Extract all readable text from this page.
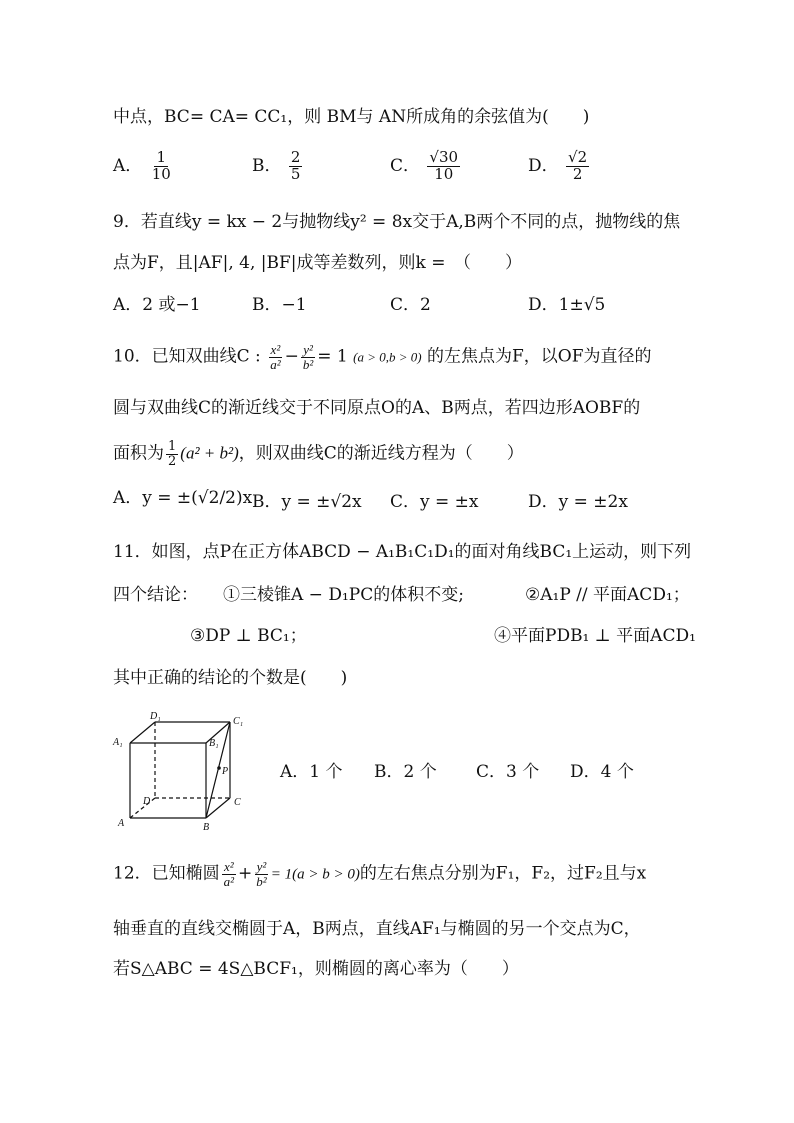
中点，BC= CA= CC₁，则 BM与 AN所成角的余弦值为(　　)
A． $\frac{1}{10}$	B． $\frac{2}{5}$	C． $\frac{√30}{10}$	D． $\frac{√2}{2}$
9．若直线y = kx − 2与抛物线y² = 8x交于A,B两个不同的点，抛物线的焦
点为F，且|AF|, 4, |BF|成等差数列，则k =　（　　）
A．2 或−1	B．−1	C．2	D．1±√5
10．已知双曲线C : $\frac{\text{x²}}{\text{a²}} - \frac{\text{y²}}{\text{b²}} = 1$ (a > 0,b > 0) 的左焦点为F，以OF为直径的
圆与双曲线C的渐近线交于不同原点O的A、B两点，若四边形AOBF的
面积为 $\frac{1}{2} (a^2 + b^2)$，则双曲线C的渐近线方程为（　　）
A．y = ±(√2/2)x B．y = ±√2x C．y = ±x	D．y = ±2x
11．如图，点P在正方体ABCD − A₁B₁C₁D₁的面对角线BC₁上运动，则下列
四个结论： ①三棱锥A − D₁PC的体积不变;	②A₁P // 平面ACD₁；
③DP ⊥ BC₁；	④平面PDB₁ ⊥ 平面ACD₁
其中正确的结论的个数是(　　)
D₁	C₁
A₁	B₁
P
D	C
A	B
A．1 个 B．2 个 C．3 个 D．4 个
12．已知椭圆 $\frac{\text{x²}}{\text{a²}} + \frac{\text{y²}}{\text{b²}} = 1(a > b > 0)$的左右焦点分别为F₁，F₂，过F₂且与x
轴垂直的直线交椭圆于A，B两点，直线AF₁与椭圆的另一个交点为C，
若S△ABC = 4S△BCF₁，则椭圆的离心率为（　　）
